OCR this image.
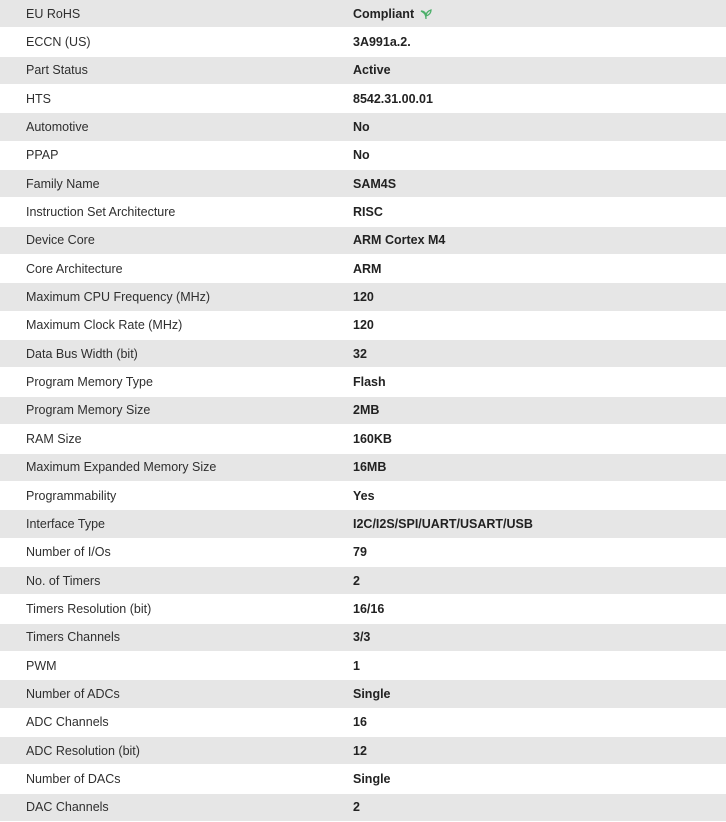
EU RoHS	Compliant
ECCN (US)	3A991a.2.
Part Status	Active
HTS	8542.31.00.01
Automotive	No
PPAP	No
Family Name	SAM4S
Instruction Set Architecture	RISC
Device Core	ARM Cortex M4
Core Architecture	ARM
Maximum CPU Frequency (MHz)	120
Maximum Clock Rate (MHz)	120
Data Bus Width (bit)	32
Program Memory Type	Flash
Program Memory Size	2MB
RAM Size	160KB
Maximum Expanded Memory Size	16MB
Programmability	Yes
Interface Type	I2C/I2S/SPI/UART/USART/USB
Number of I/Os	79
No. of Timers	2
Timers Resolution (bit)	16/16
Timers Channels	3/3
PWM	1
Number of ADCs	Single
ADC Channels	16
ADC Resolution (bit)	12
Number of DACs	Single
DAC Channels	2
